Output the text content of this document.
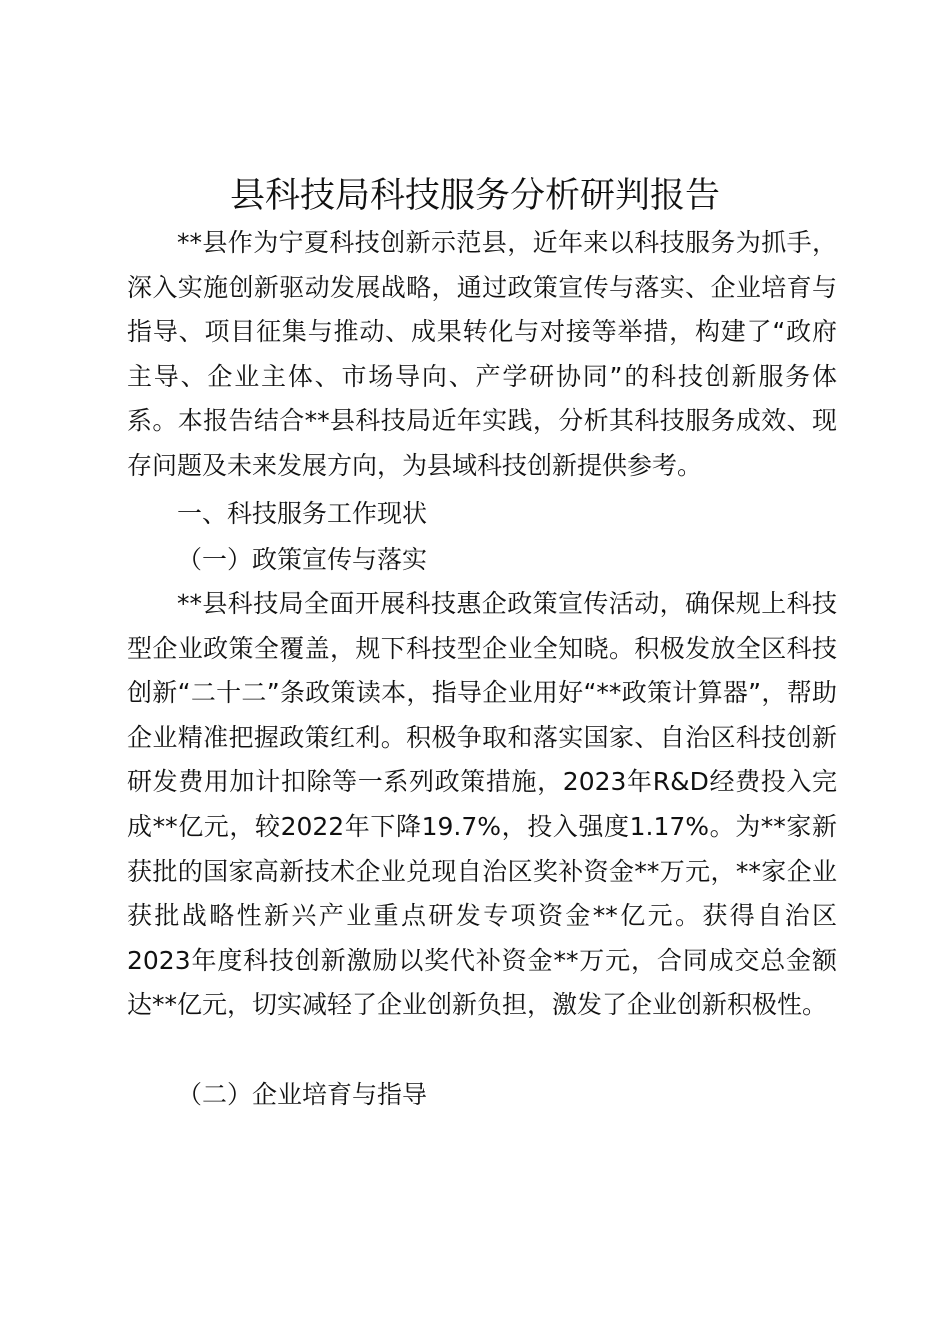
县科技局科技服务分析研判报告

**县作为宁夏科技创新示范县，近年来以科技服务为抓手，深入实施创新驱动发展战略，通过政策宣传与落实、企业培育与指导、项目征集与推动、成果转化与对接等举措，构建了“政府主导、企业主体、市场导向、产学研协同”的科技创新服务体系。本报告结合**县科技局近年实践，分析其科技服务成效、现存问题及未来发展方向，为县域科技创新提供参考。

一、科技服务工作现状

（一）政策宣传与落实

**县科技局全面开展科技惠企政策宣传活动，确保规上科技型企业政策全覆盖，规下科技型企业全知晓。积极发放全区科技创新“二十二”条政策读本，指导企业用好“**政策计算器”，帮助企业精准把握政策红利。积极争取和落实国家、自治区科技创新研发费用加计扣除等一系列政策措施，2023年R&D经费投入完成**亿元，较2022年下降19.7%，投入强度1.17%。为**家新获批的国家高新技术企业兑现自治区奖补资金**万元，**家企业获批战略性新兴产业重点研发专项资金**亿元。获得自治区2023年度科技创新激励以奖代补资金**万元，合同成交总金额达**亿元，切实减轻了企业创新负担，激发了企业创新积极性。

（二）企业培育与指导
